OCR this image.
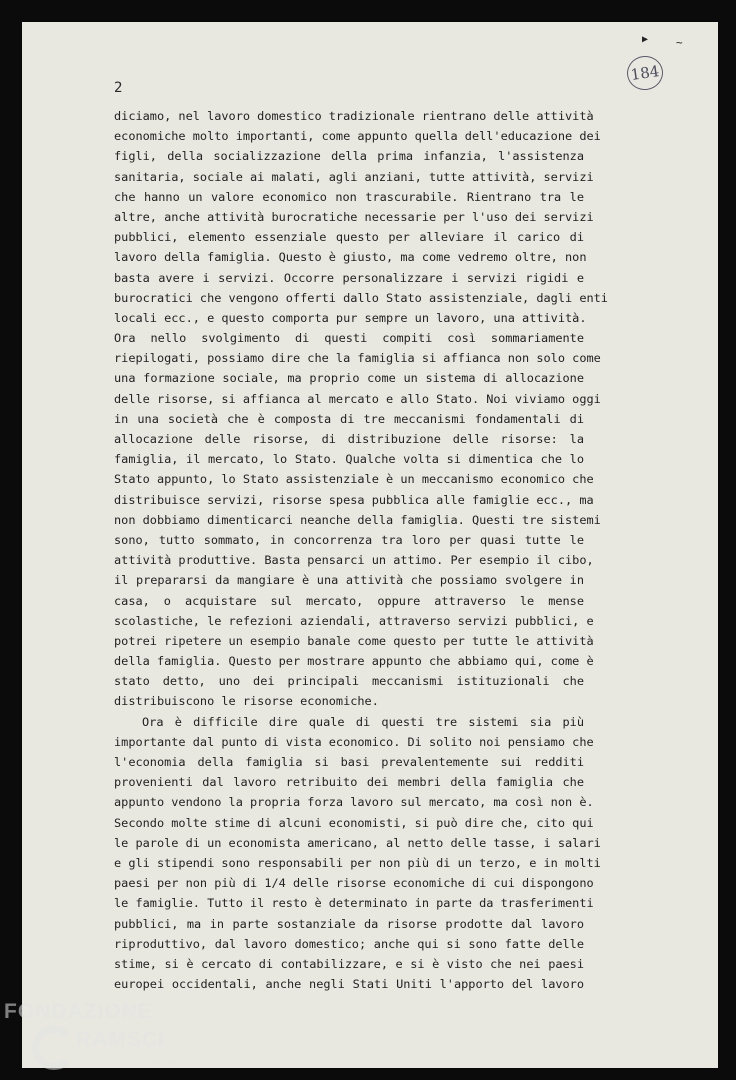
▶	~
184
2
diciamo, nel lavoro domestico tradizionale rientrano delle attività
economiche molto importanti, come appunto quella dell'educazione dei
figli, della socializzazione della prima infanzia, l'assistenza
sanitaria, sociale ai malati, agli anziani, tutte attività, servizi
che hanno un valore economico non trascurabile. Rientrano tra le
altre, anche attività burocratiche necessarie per l'uso dei servizi
pubblici, elemento essenziale questo per alleviare il carico di
lavoro della famiglia. Questo è giusto, ma come vedremo oltre, non
basta avere i servizi. Occorre personalizzare i servizi rigidi e
burocratici che vengono offerti dallo Stato assistenziale, dagli enti
locali ecc., e questo comporta pur sempre un lavoro, una attività.
Ora nello svolgimento di questi compiti così sommariamente
riepilogati, possiamo dire che la famiglia si affianca non solo come
una formazione sociale, ma proprio come un sistema di allocazione
delle risorse, si affianca al mercato e allo Stato. Noi viviamo oggi
in una società che è composta di tre meccanismi fondamentali di
allocazione delle risorse, di distribuzione delle risorse: la
famiglia, il mercato, lo Stato. Qualche volta si dimentica che lo
Stato appunto, lo Stato assistenziale è un meccanismo economico che
distribuisce servizi, risorse spesa pubblica alle famiglie ecc., ma
non dobbiamo dimenticarci neanche della famiglia. Questi tre sistemi
sono, tutto sommato, in concorrenza tra loro per quasi tutte le
attività produttive. Basta pensarci un attimo. Per esempio il cibo,
il prepararsi da mangiare è una attività che possiamo svolgere in
casa, o acquistare sul mercato, oppure attraverso le mense
scolastiche, le refezioni aziendali, attraverso servizi pubblici, e
potrei ripetere un esempio banale come questo per tutte le attività
della famiglia. Questo per mostrare appunto che abbiamo qui, come è
stato detto, uno dei principali meccanismi istituzionali che
distribuiscono le risorse economiche.
Ora è difficile dire quale di questi tre sistemi sia più
importante dal punto di vista economico. Di solito noi pensiamo che
l'economia della famiglia si basi prevalentemente sui redditi
provenienti dal lavoro retribuito dei membri della famiglia che
appunto vendono la propria forza lavoro sul mercato, ma così non è.
Secondo molte stime di alcuni economisti, si può dire che, cito qui
le parole di un economista americano, al netto delle tasse, i salari
e gli stipendi sono responsabili per non più di un terzo, e in molti
paesi per non più di 1/4 delle risorse economiche di cui dispongono
le famiglie. Tutto il resto è determinato in parte da trasferimenti
pubblici, ma in parte sostanziale da risorse prodotte dal lavoro
riproduttivo, dal lavoro domestico; anche qui si sono fatte delle
stime, si è cercato di contabilizzare, e si è visto che nei paesi
europei occidentali, anche negli Stati Uniti l'apporto del lavoro
FONDAZIONE
RAMSCI
onlus
